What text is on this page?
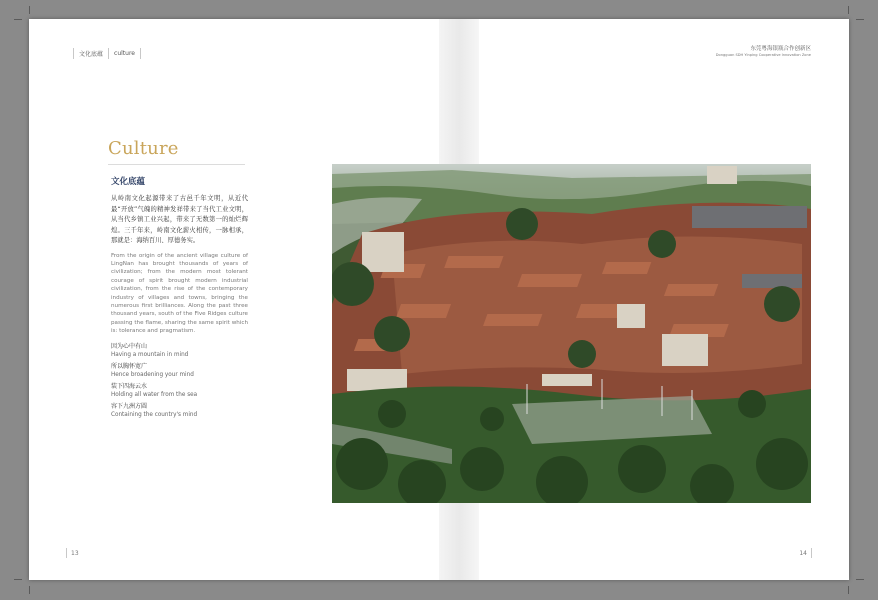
文化底蕴 culture
东莞粤海银瓶合作创新区
Dongguan SDH Yinping Cooperative Innovation Zone
Culture
文化底蕴

从岭南文化起源带来了古邑千年文明，从近代最“开放”气魄的精神发祥带来了当代工业文明，从当代乡镇工业兴起，带来了无数第一的灿烂辉煌。三千年来，岭南文化薪火相传，一脉相承，那就是：海纳百川、厚德务实。

From the origin of the ancient village culture of LingNan has brought thousands of years of civilization; from the modern most tolerant courage of spirit brought modern industrial civilization, from the rise of the contemporary industry of villages and towns, bringing the numerous first brilliances. Along the past three thousand years, south of the Five Ridges culture passing the flame, sharing the same spirit which is: tolerance and pragmatism.

因为心中有山
Having a mountain in mind
所以胸怀宽广
Hence broadening your mind
装下四海云水
Holding all water from the sea
容下九洲方圆
Containing the country's mind
13	14
